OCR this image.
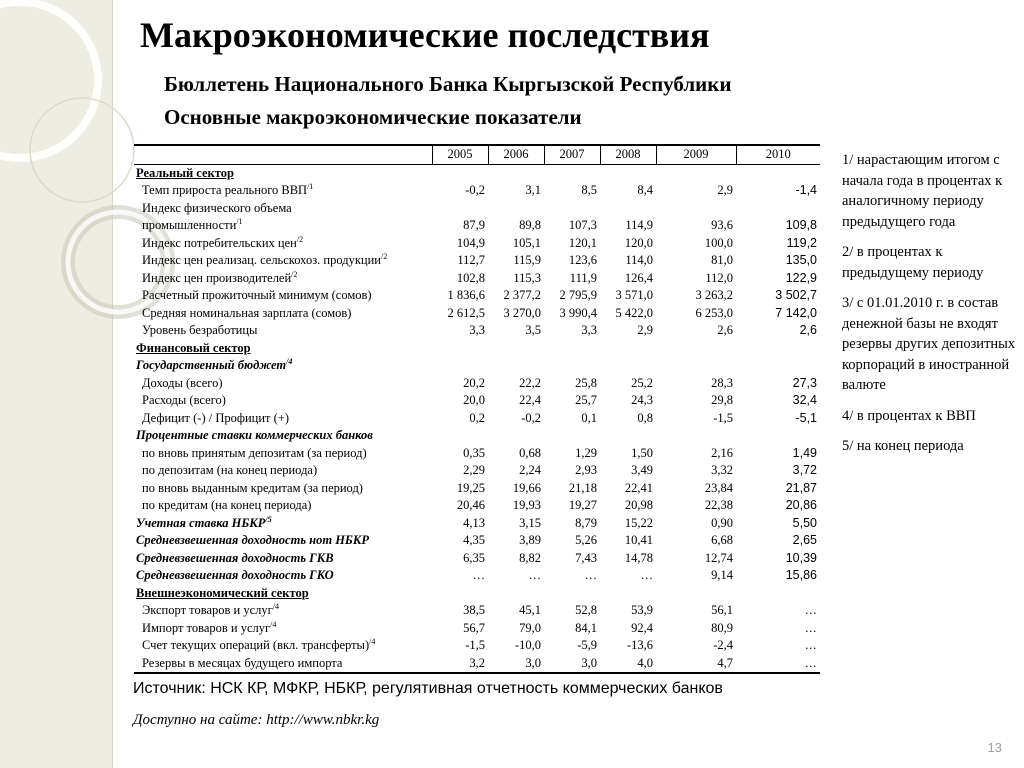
Макроэкономические последствия
Бюллетень Национального Банка Кыргызской Республики
Основные макроэкономические показатели
	2005	2006	2007	2008	2009	2010
Реальный сектор						
Темп прироста реального $ВВП^{/1}$	-0,2	3,1	8,5	8,4	2,9	-1,4
Индекс физического объема						
промышленности$^{/1}$	87,9	89,8	107,3	114,9	93,6	109,8
Индекс потребительских цен$^{/2}$	104,9	105,1	120,1	120,0	100,0	119,2
Индекс цен реализац. сельскохоз. продукции$^{/2}$	112,7	115,9	123,6	114,0	81,0	135,0
Индекс цен производителей$^{/2}$	102,8	115,3	111,9	126,4	112,0	122,9
Расчетный прожиточный минимум (сомов)	1 836,6	2 377,2	2 795,9	3 571,0	3 263,2	3 502,7
Средняя номинальная зарплата (сомов)	2 612,5	3 270,0	3 990,4	5 422,0	6 253,0	7 142,0
Уровень безработицы	3,3	3,5	3,3	2,9	2,6	2,6
Финансовый сектор						
Государственный бюджет$^{/4}$						
Доходы (всего)	20,2	22,2	25,8	25,2	28,3	27,3
Расходы (всего)	20,0	22,4	25,7	24,3	29,8	32,4
Дефицит (-) / Профицит (+)	0,2	-0,2	0,1	0,8	-1,5	-5,1
Процентные ставки коммерческих банков						
по вновь принятым депозитам (за период)	0,35	0,68	1,29	1,50	2,16	1,49
по депозитам (на конец периода)	2,29	2,24	2,93	3,49	3,32	3,72
по вновь выданным кредитам (за период)	19,25	19,66	21,18	22,41	23,84	21,87
по кредитам (на конец периода)	20,46	19,93	19,27	20,98	22,38	20,86
Учетная ставка $НБКР^{/5}$	4,13	3,15	8,79	15,22	0,90	5,50
Средневзвешенная доходность нот НБКР	4,35	3,89	5,26	10,41	6,68	2,65
Средневзвешенная доходность ГКВ	6,35	8,82	7,43	14,78	12,74	10,39
Средневзвешенная доходность ГКО	…	…	…	…	9,14	15,86
Внешнеэкономический сектор						
Экспорт товаров и услуг$^{/4}$	38,5	45,1	52,8	53,9	56,1	…
Импорт товаров и услуг$^{/4}$	56,7	79,0	84,1	92,4	80,9	…
Счет текущих операций (вкл. трансферты)$^{/4}$	-1,5	-10,0	-5,9	-13,6	-2,4	…
Резервы в месяцах будущего импорта	3,2	3,0	3,0	4,0	4,7	…

1/ нарастающим итогом с начала года в процентах к аналогичному периоду предыдущего года

2/ в процентах к предыдущему периоду

3/ с 01.01.2010 г. в состав денежной базы не входят резервы других депозитных корпораций в иностранной валюте

4/ в процентах к ВВП

5/ на конец периода

Источник: НСК КР, МФКР, НБКР, регулятивная отчетность коммерческих банков
Доступно на сайте: http://www.nbkr.kg
13
